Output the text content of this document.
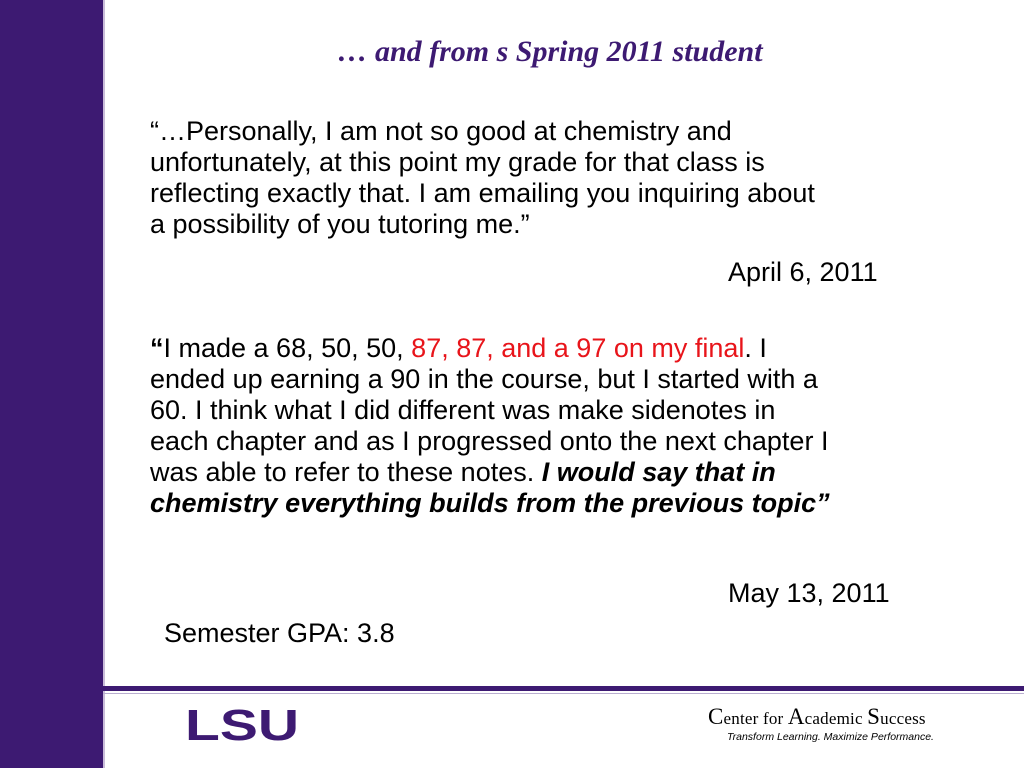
… and from s Spring 2011 student
“…Personally, I am not so good at chemistry and
unfortunately, at this point my grade for that class is
reflecting exactly that. I am emailing you inquiring about
a possibility of you tutoring me.”
April 6, 2011
“I made a 68, 50, 50, 87, 87, and a 97 on my final. I
ended up earning a 90 in the course, but I started with a
60. I think what I did different was make sidenotes in
each chapter and as I progressed onto the next chapter I
was able to refer to these notes. I would say that in
chemistry everything builds from the previous topic”
May 13, 2011
Semester GPA: 3.8
LSU	Center for Academic Success
Transform Learning. Maximize Performance.
